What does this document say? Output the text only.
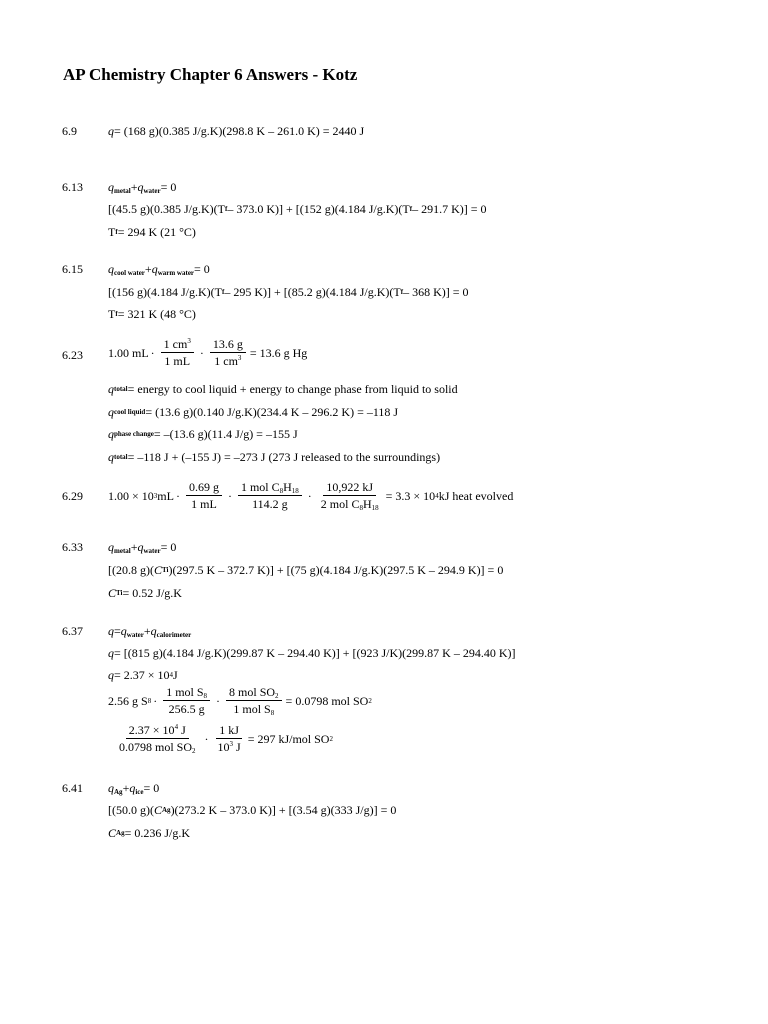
AP Chemistry Chapter 6 Answers - Kotz
6.9	q = (168 g)(0.385 J/g.K)(298.8 K – 261.0 K) = 2440 J
6.13 qmetal + qwater = 0
[(45.5 g)(0.385 J/g.K)(T f – 373.0 K)] + [(152 g)(4.184 J/g.K)(T f – 291.7 K)] = 0
T f = 294 K (21 °C)
6.15 qcool water + qwarm water = 0
[(156 g)(4.184 J/g.K)(T f – 295 K)] + [(85.2 g)(4.184 J/g.K)(T f – 368 K)] = 0
T f = 321 K (48 °C)
6.23 1.00 mL · $\frac{1 cm^3}{1 mL} \cdot \frac{13.6 g}{1 cm^3} = 13.6$ g Hg
q total = energy to cool liquid + energy to change phase from liquid to solid
q cool liquid = (13.6 g)(0.140 J/g.K)(234.4 K – 296.2 K) = –118 J
q phase change = –(13.6 g)(11.4 J/g) = –155 J
q total = –118 J + (–155 J) = –273 J (273 J released to the surroundings)
6.29 1.00 × 10 3 mL · $\frac{0.69 g}{1 mL} \cdot \frac{1 mol C_8H_{18}}{114.2 g} \cdot \frac{10,922 kJ}{2 mol C_8H_{18}} = 3.3 \times 10$ 4 kJ heat evolved
6.33 qmetal + qwater = 0
[(20.8 g)( C Ti )(297.5 K – 372.7 K)] + [(75 g)(4.184 J/g.K)(297.5 K – 294.9 K)] = 0
C Ti = 0.52 J/g.K
6.37 q = qwater + qcalorimeter
q = [(815 g)(4.184 J/g.K)(299.87 K – 294.40 K)] + [(923 J/K)(299.87 K – 294.40 K)]
q = 2.37 × 10 4 J
2.56 g S $8 \cdot \frac{1 mol S_8}{256.5 g} \cdot \frac{8 mol SO_2}{1 mol S_8} = 0.0798$ mol SO 2
$\frac{2.37 \times 10^4 J}{0.0798 mol SO_2} \cdot \frac{1 kJ}{10^3 J} = 297$ kJ/mol SO 2
6.41 qAg + qice = 0
[(50.0 g)( C Ag )(273.2 K – 373.0 K)] + [(3.54 g)(333 J/g)] = 0
C Ag = 0.236 J/g.K
